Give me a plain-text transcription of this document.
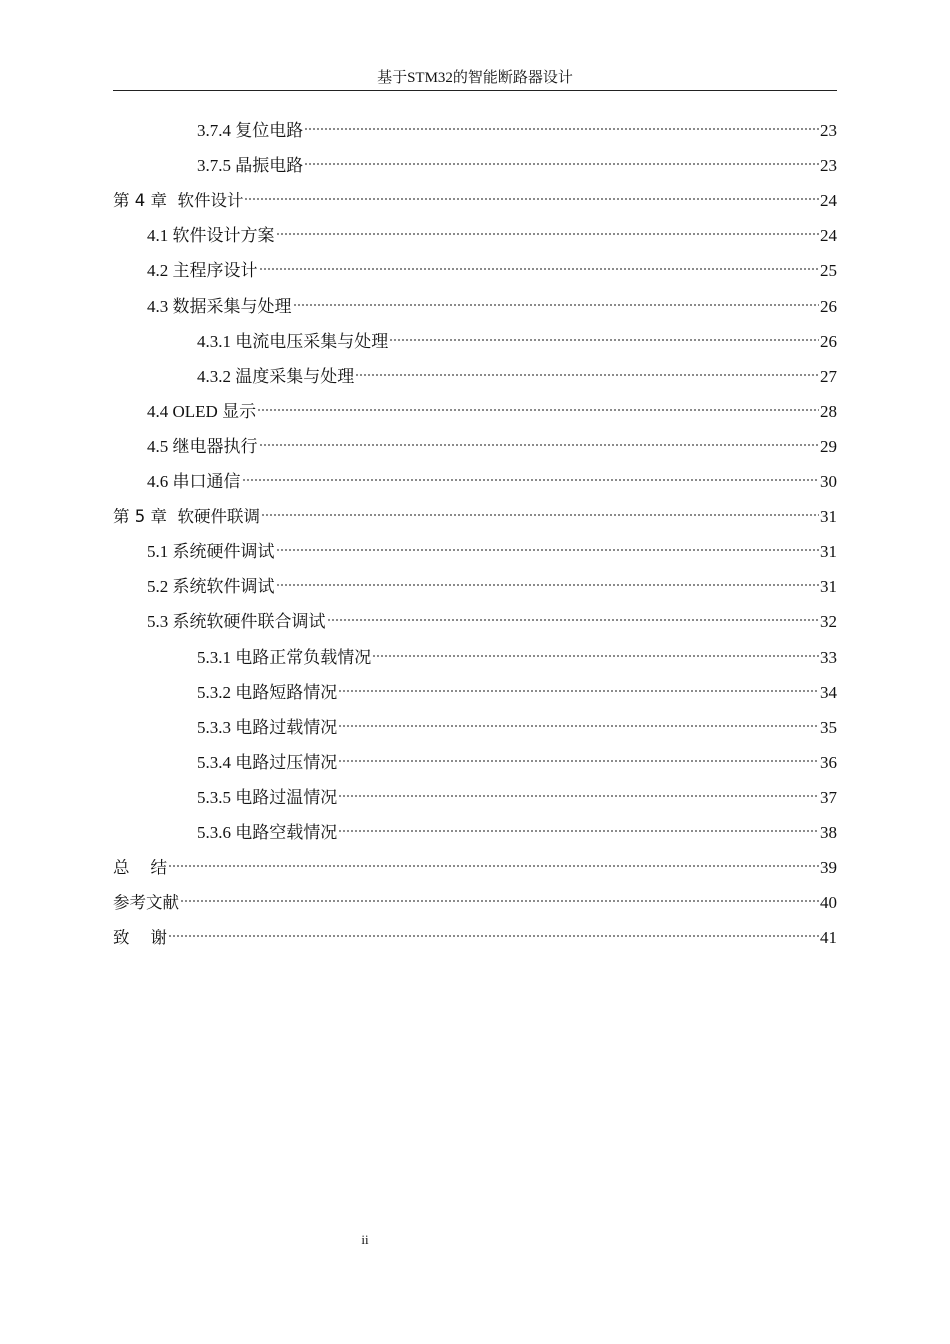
基于STM32的智能断路器设计
3.7.4 复位电路	23
3.7.5 晶振电路	23
第 4 章  软件设计	24
4.1 软件设计方案	24
4.2 主程序设计	25
4.3 数据采集与处理	26
4.3.1 电流电压采集与处理	26
4.3.2 温度采集与处理	27
4.4 OLED 显示	28
4.5 继电器执行	29
4.6 串口通信	30
第 5 章  软硬件联调	31
5.1 系统硬件调试	31
5.2 系统软件调试	31
5.3 系统软硬件联合调试	32
5.3.1 电路正常负载情况	33
5.3.2 电路短路情况	34
5.3.3 电路过载情况	35
5.3.4 电路过压情况	36
5.3.5 电路过温情况	37
5.3.6 电路空载情况	38
总    结	39
参考文献	40
致    谢	41
ii
